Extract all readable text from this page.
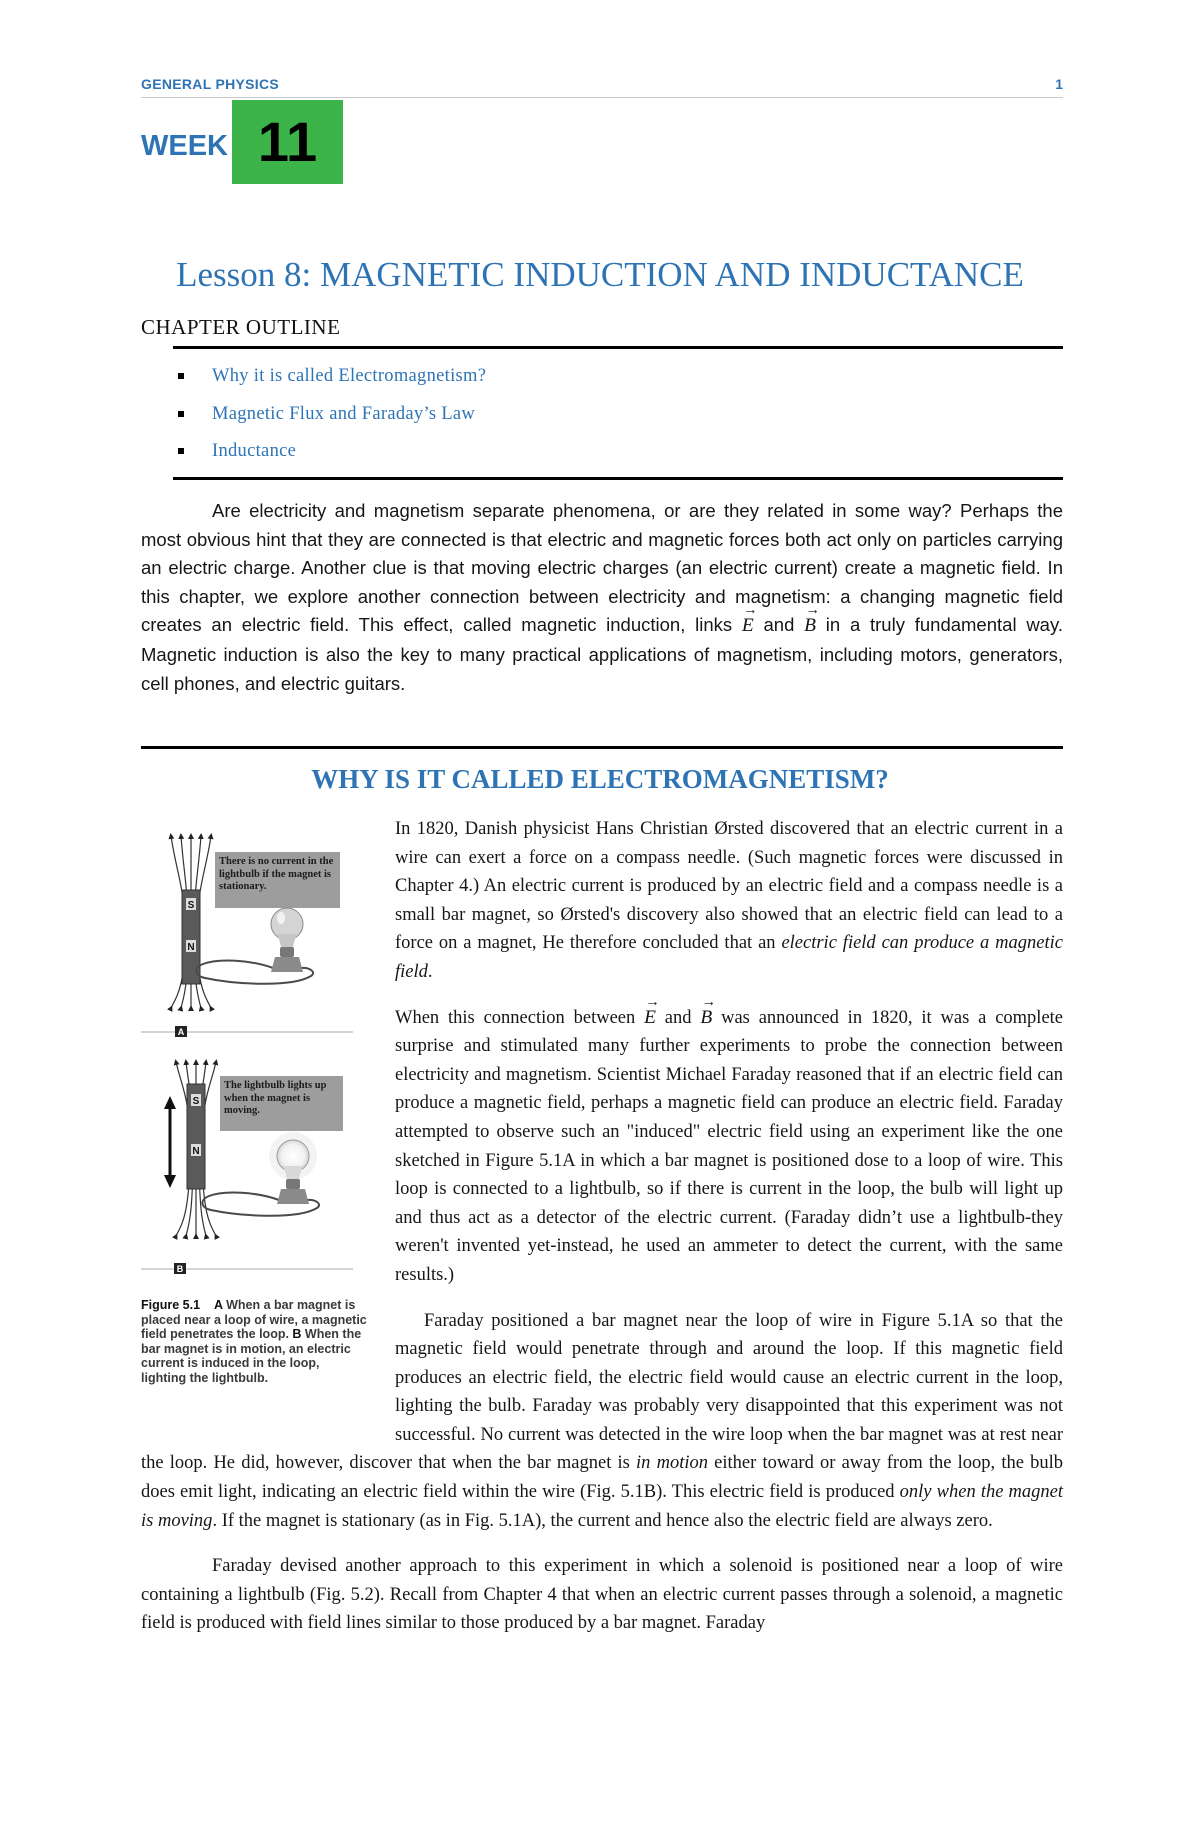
GENERAL PHYSICS	1
WEEK 11
Lesson 8: MAGNETIC INDUCTION AND INDUCTANCE
CHAPTER OUTLINE
Why it is called Electromagnetism?
Magnetic Flux and Faraday’s Law
Inductance

Are electricity and magnetism separate phenomena, or are they related in some way? Perhaps the most obvious hint that they are connected is that electric and magnetic forces both act only on particles carrying an electric charge. Another clue is that moving electric charges (an electric current) create a magnetic field. In this chapter, we explore another connection between electricity and magnetism: a changing magnetic field creates an electric field. This effect, called magnetic induction, links → E and → B in a truly fundamental way. Magnetic induction is also the key to many practical applications of magnetism, including motors, generators, cell phones, and electric guitars.

WHY IS IT CALLED ELECTROMAGNETISM?
S
N
A
S
N
B
There is no current in the lightbulb if the magnet is stationary.
The lightbulb lights up when the magnet is moving.
Figure 5.1 A When a bar magnet is placed near a loop of wire, a magnetic field penetrates the loop. B When the bar magnet is in motion, an electric current is induced in the loop, lighting the lightbulb.

In 1820, Danish physicist Hans Christian Ørsted discovered that an electric current in a wire can exert a force on a compass needle. (Such magnetic forces were discussed in Chapter 4.) An electric current is produced by an electric field and a compass needle is a small bar magnet, so Ørsted's discovery also showed that an electric field can lead to a force on a magnet, He therefore concluded that an electric field can produce a magnetic field.

When this connection between → E and → B was announced in 1820, it was a complete surprise and stimulated many further experiments to probe the connection between electricity and magnetism. Scientist Michael Faraday reasoned that if an electric field can produce a magnetic field, perhaps a magnetic field can produce an electric field. Faraday attempted to observe such an "induced" electric field using an experiment like the one sketched in Figure 5.1A in which a bar magnet is positioned dose to a loop of wire. This loop is connected to a lightbulb, so if there is current in the loop, the bulb will light up and thus act as a detector of the electric current. (Faraday didn’t use a lightbulb-they weren't invented yet-instead, he used an ammeter to detect the current, with the same results.)

Faraday positioned a bar magnet near the loop of wire in Figure 5.1A so that the magnetic field would penetrate through and around the loop. If this magnetic field produces an electric field, the electric field would cause an electric current in the loop, lighting the bulb. Faraday was probably very disappointed that this experiment was not successful. No current was detected in the wire loop when the bar magnet was at rest near the loop. He did, however, discover that when the bar magnet is in motion either toward or away from the loop, the bulb does emit light, indicating an electric field within the wire (Fig. 5.1B). This electric field is produced only when the magnet is moving. If the magnet is stationary (as in Fig. 5.1A), the current and hence also the electric field are always zero.

Faraday devised another approach to this experiment in which a solenoid is positioned near a loop of wire containing a lightbulb (Fig. 5.2). Recall from Chapter 4 that when an electric current passes through a solenoid, a magnetic field is produced with field lines similar to those produced by a bar magnet. Faraday
